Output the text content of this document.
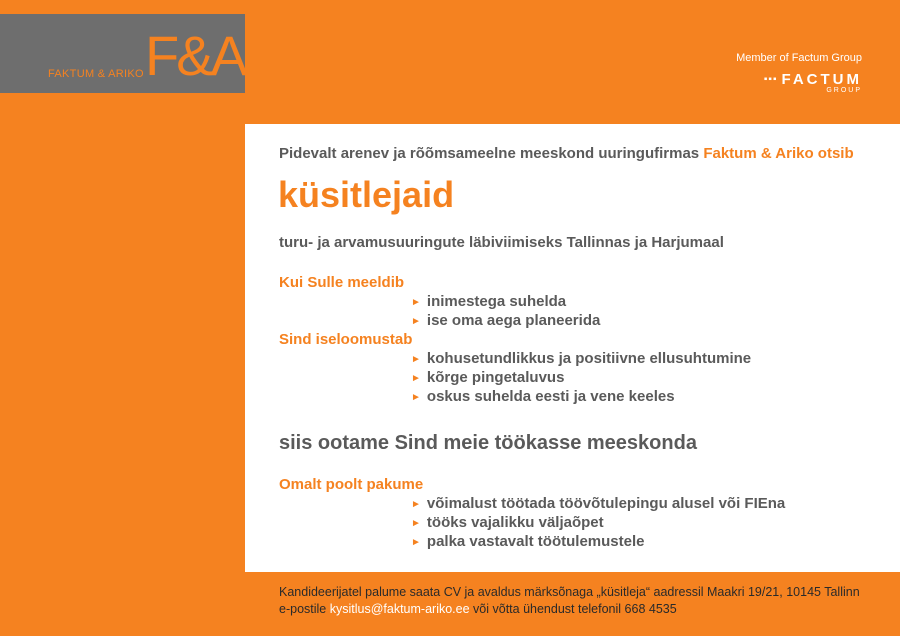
FAKTUM & ARIKO F&A	Member of Factum Group
▪▪▪ FACTUM
GROUP
Pidevalt arenev ja rõõmsameelne meeskond uuringufirmas Faktum & Ariko otsib
küsitlejaid
turu- ja arvamusuuringute läbiviimiseks Tallinnas ja Harjumaal
Kui Sulle meeldib
► inimestega suhelda
► ise oma aega planeerida
Sind iseloomustab
► kohusetundlikkus ja positiivne ellusuhtumine
► kõrge pingetaluvus
► oskus suhelda eesti ja vene keeles
siis ootame Sind meie töökasse meeskonda
Omalt poolt pakume
► võimalust töötada töövõtulepingu alusel või FIEna
► tööks vajalikku väljaõpet
► palka vastavalt töötulemustele
Kandideerijatel palume saata CV ja avaldus märksõnaga „küsitleja“ aadressil Maakri 19/21, 10145 Tallinn
e-postile kysitlus@faktum-ariko.ee või võtta ühendust telefonil 668 4535
